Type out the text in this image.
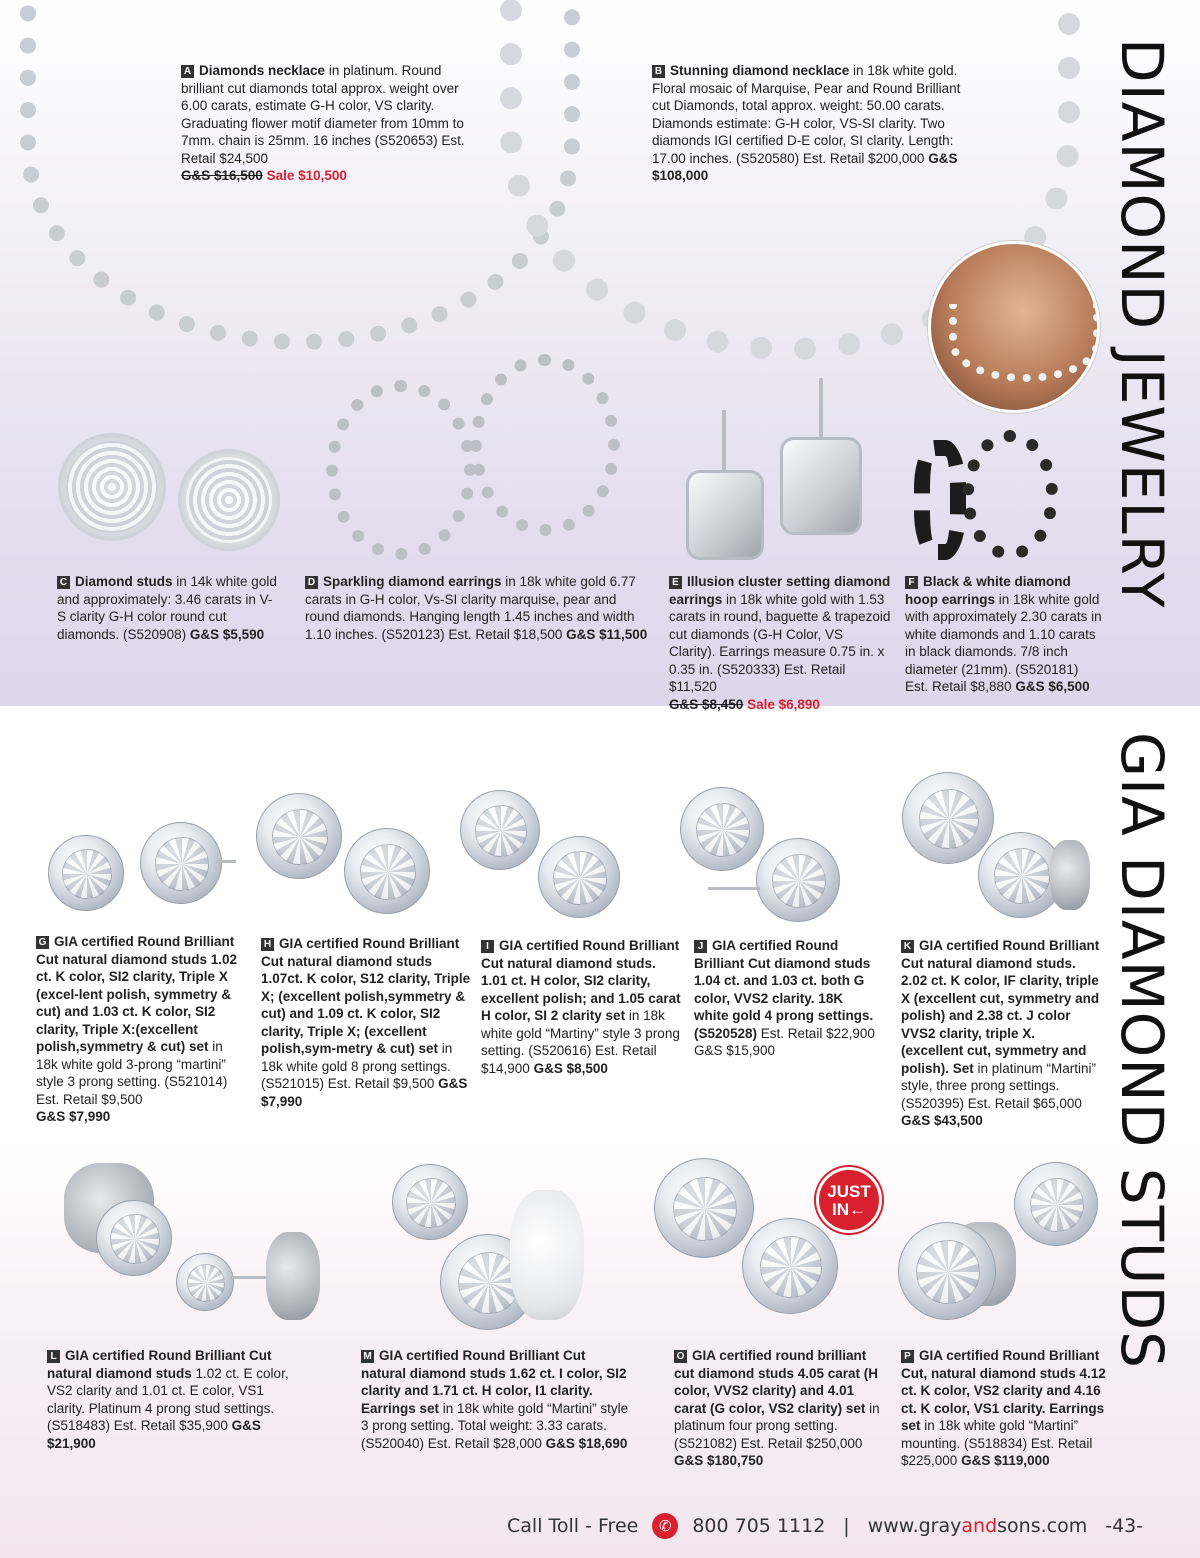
DIAMOND JEWELRY
GIA DIAMOND STUDS
JUST
IN←
A Diamonds necklace in platinum. Round brilliant cut diamonds total approx. weight over 6.00 carats, estimate G-H color, VS clarity. Graduating flower motif diameter from 10mm to 7mm. chain is 25mm. 16 inches (S520653) Est. Retail $24,500
G&S $16,500 Sale $10,500
B Stunning diamond necklace in 18k white gold. Floral mosaic of Marquise, Pear and Round Brilliant cut Diamonds, total approx. weight: 50.00 carats. Diamonds estimate: G-H color, VS-SI clarity. Two diamonds IGI certified D-E color, SI clarity. Length: 17.00 inches. (S520580) Est. Retail $200,000 G&S $108,000
C Diamond studs in 14k white gold and approximately: 3.46 carats in V-S clarity G-H color round cut diamonds. (S520908) G&S $5,590
D Sparkling diamond earrings in 18k white gold 6.77 carats in G-H color, Vs-SI clarity marquise, pear and round diamonds. Hanging length 1.45 inches and width 1.10 inches. (S520123) Est. Retail $18,500 G&S $11,500
E Illusion cluster setting diamond earrings in 18k white gold with 1.53 carats in round, baguette & trapezoid cut diamonds (G-H Color, VS Clarity). Earrings measure 0.75 in. x 0.35 in. (S520333) Est. Retail $11,520
G&S $8,450 Sale $6,890
F Black & white diamond hoop earrings in 18k white gold with approximately 2.30 carats in white diamonds and 1.10 carats in black diamonds. 7/8 inch diameter (21mm). (S520181) Est. Retail $8,880 G&S $6,500
G GIA certified Round Brilliant Cut natural diamond studs 1.02 ct. K color, SI2 clarity, Triple X (excel-lent polish, symmetry & cut) and 1.03 ct. K color, SI2 clarity, Triple X:(excellent polish,symmetry & cut) set in 18k white gold 3-prong “martini” style 3 prong setting. (S521014) Est. Retail $9,500
G&S $7,990
H GIA certified Round Brilliant Cut natural diamond studs 1.07ct. K color, S12 clarity, Triple X; (excellent polish,symmetry & cut) and 1.09 ct. K color, SI2 clarity, Triple X; (excellent polish,sym-metry & cut) set in 18k white gold 8 prong settings. (S521015) Est. Retail $9,500 G&S $7,990
I GIA certified Round Brilliant Cut natural diamond studs. 1.01 ct. H color, SI2 clarity, excellent polish; and 1.05 carat H color, SI 2 clarity set in 18k white gold “Martiny” style 3 prong setting. (S520616) Est. Retail $14,900 G&S $8,500
J GIA certified Round Brilliant Cut diamond studs 1.04 ct. and 1.03 ct. both G color, VVS2 clarity. 18K white gold 4 prong settings. (S520528) Est. Retail $22,900 G&S $15,900
K GIA certified Round Brilliant Cut natural diamond studs. 2.02 ct. K color, IF clarity, triple X (excellent cut, symmetry and polish) and 2.38 ct. J color VVS2 clarity, triple X. (excellent cut, symmetry and polish). Set in platinum “Martini” style, three prong settings. (S520395) Est. Retail $65,000 G&S $43,500
L GIA certified Round Brilliant Cut natural diamond studs 1.02 ct. E color, VS2 clarity and 1.01 ct. E color, VS1 clarity. Platinum 4 prong stud settings. (S518483) Est. Retail $35,900 G&S $21,900
M GIA certified Round Brilliant Cut natural diamond studs 1.62 ct. I color, SI2 clarity and 1.71 ct. H color, I1 clarity. Earrings set in 18k white gold “Martini” style 3 prong setting. Total weight: 3.33 carats. (S520040) Est. Retail $28,000 G&S $18,690
O GIA certified round brilliant cut diamond studs 4.05 carat (H color, VVS2 clarity) and 4.01 carat (G color, VS2 clarity) set in platinum four prong setting. (S521082) Est. Retail $250,000 G&S $180,750
P GIA certified Round Brilliant Cut, natural diamond studs 4.12 ct. K color, VS2 clarity and 4.16 ct. K color, VS1 clarity. Earrings set in 18k white gold “Martini” mounting. (S518834) Est. Retail $225,000 G&S $119,000
Call Toll - Free	✆	800 705 1112 | www.grayandsons.com -43-
